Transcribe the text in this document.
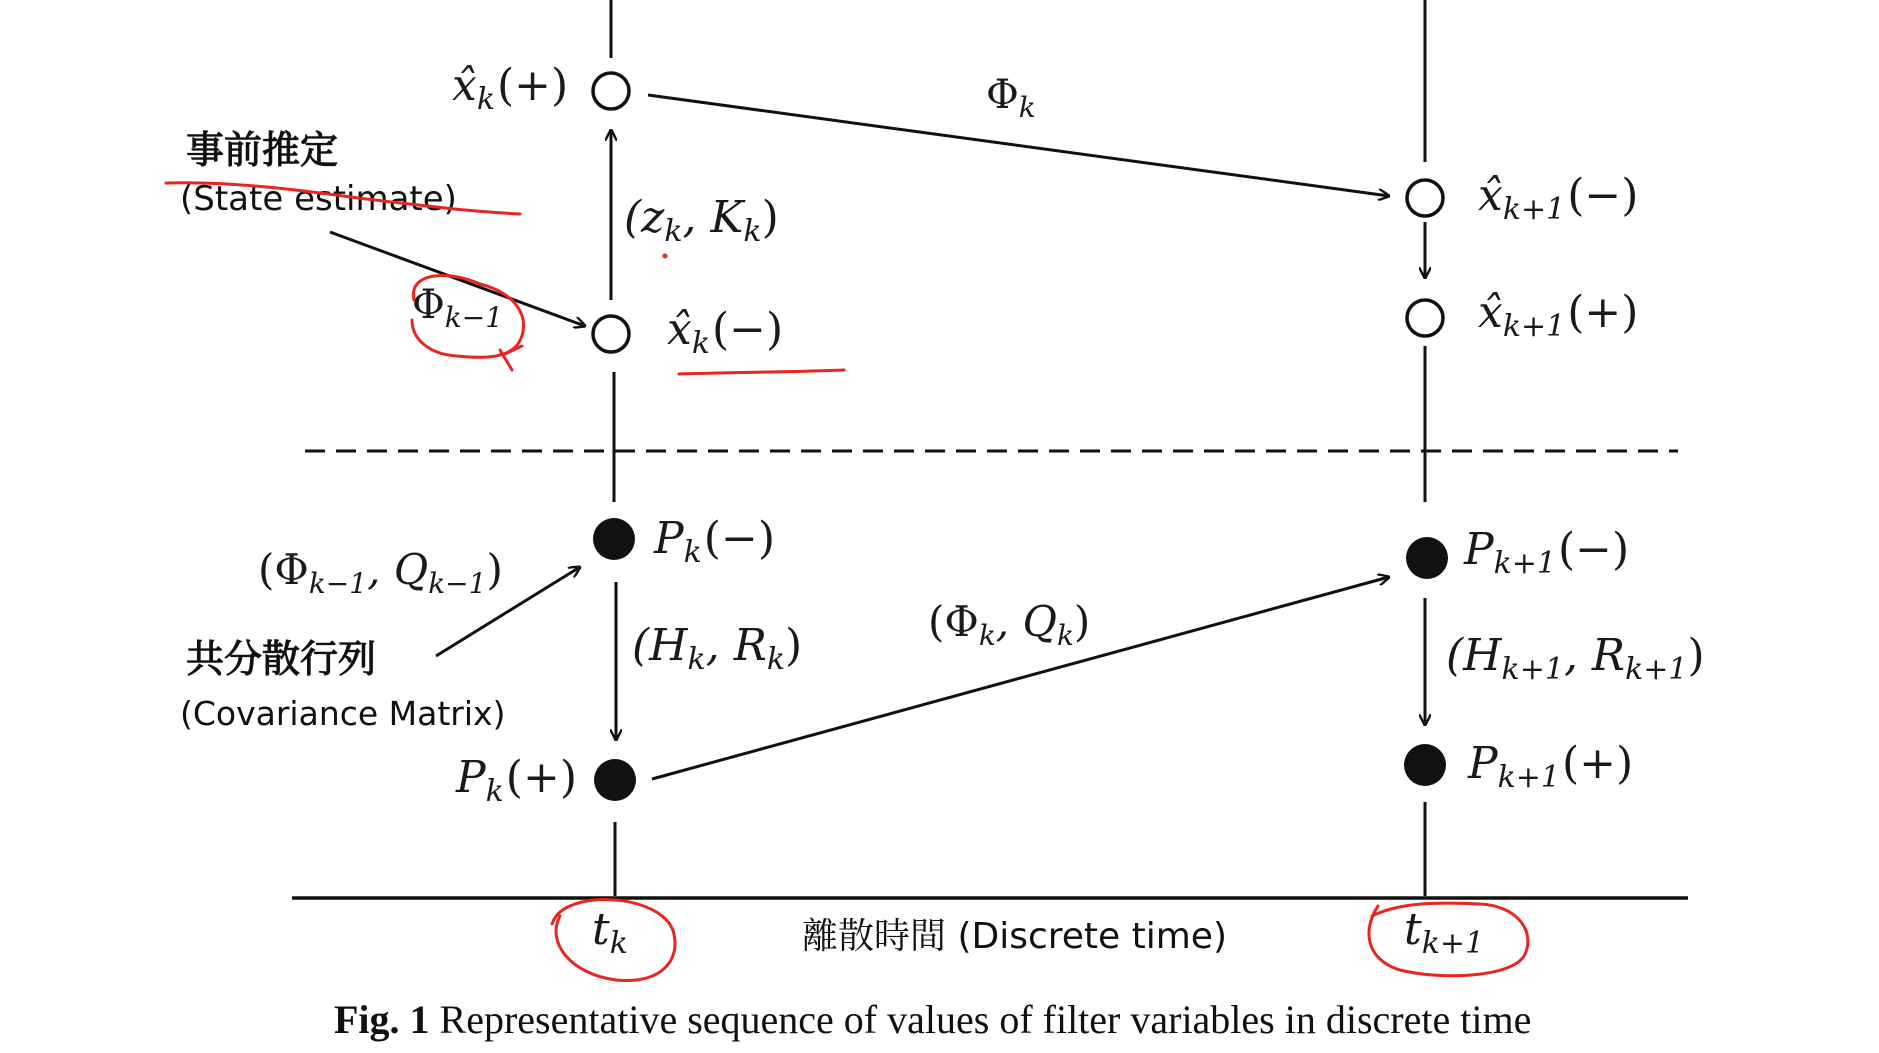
$x̂_k(+)$	$\Phi_k$
$x̂_{k+1}(-)$
($z_k$, $K_k$)
$x̂_{k+1}(+)$
$\Phi_{k-1}$	$x̂_k(-)$
$P_k(-)$	$P_{k+1}(-)$
($\Phi_{k-1}$, $Q_{k-1}$)
($\Phi_k$, $Q_k$)
($H_k$, $R_k$)	($H_{k+1}$, $R_{k+1}$)
$P_k(+)$	$P_{k+1}(+)$
$t_k$	$t_{k+1}$
事前推定
(State estimate)
共分散行列
(Covariance Matrix)
離散時間 (Discrete time)
Fig. 1 Representative sequence of values of filter variables in discrete time
